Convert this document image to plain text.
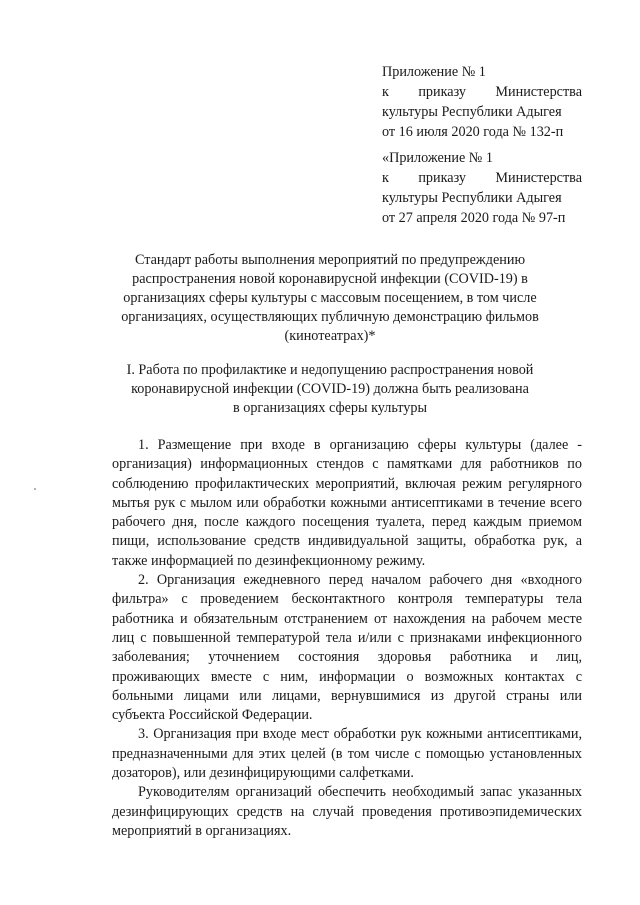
Приложение № 1
к приказу Министерства
культуры Республики Адыгея
от 16 июля 2020 года № 132-п
«Приложение № 1
к приказу Министерства
культуры Республики Адыгея
от 27 апреля 2020 года № 97-п
Стандарт работы выполнения мероприятий по предупреждению
распространения новой коронавирусной инфекции (COVID-19) в
организациях сферы культуры с массовым посещением, в том числе
организациях, осуществляющих публичную демонстрацию фильмов
(кинотеатрах)*
I. Работа по профилактике и недопущению распространения новой
коронавирусной инфекции (COVID-19) должна быть реализована
в организациях сферы культуры

1. Размещение при входе в организацию сферы культуры (далее - организация) информационных стендов с памятками для работников по соблюдению профилактических мероприятий, включая режим регулярного мытья рук с мылом или обработки кожными антисептиками в течение всего рабочего дня, после каждого посещения туалета, перед каждым приемом пищи, использование средств индивидуальной защиты, обработка рук, а также информацией по дезинфекционному режиму.

2. Организация ежедневного перед началом рабочего дня «входного фильтра» с проведением бесконтактного контроля температуры тела работника и обязательным отстранением от нахождения на рабочем месте лиц с повышенной температурой тела и/или с признаками инфекционного заболевания; уточнением состояния здоровья работника и лиц, проживающих вместе с ним, информации о возможных контактах с больными лицами или лицами, вернувшимися из другой страны или субъекта Российской Федерации.

3. Организация при входе мест обработки рук кожными антисептиками, предназначенными для этих целей (в том числе с помощью установленных дозаторов), или дезинфицирующими салфетками.

Руководителям организаций обеспечить необходимый запас указанных дезинфицирующих средств на случай проведения противоэпидемических мероприятий в организациях.
